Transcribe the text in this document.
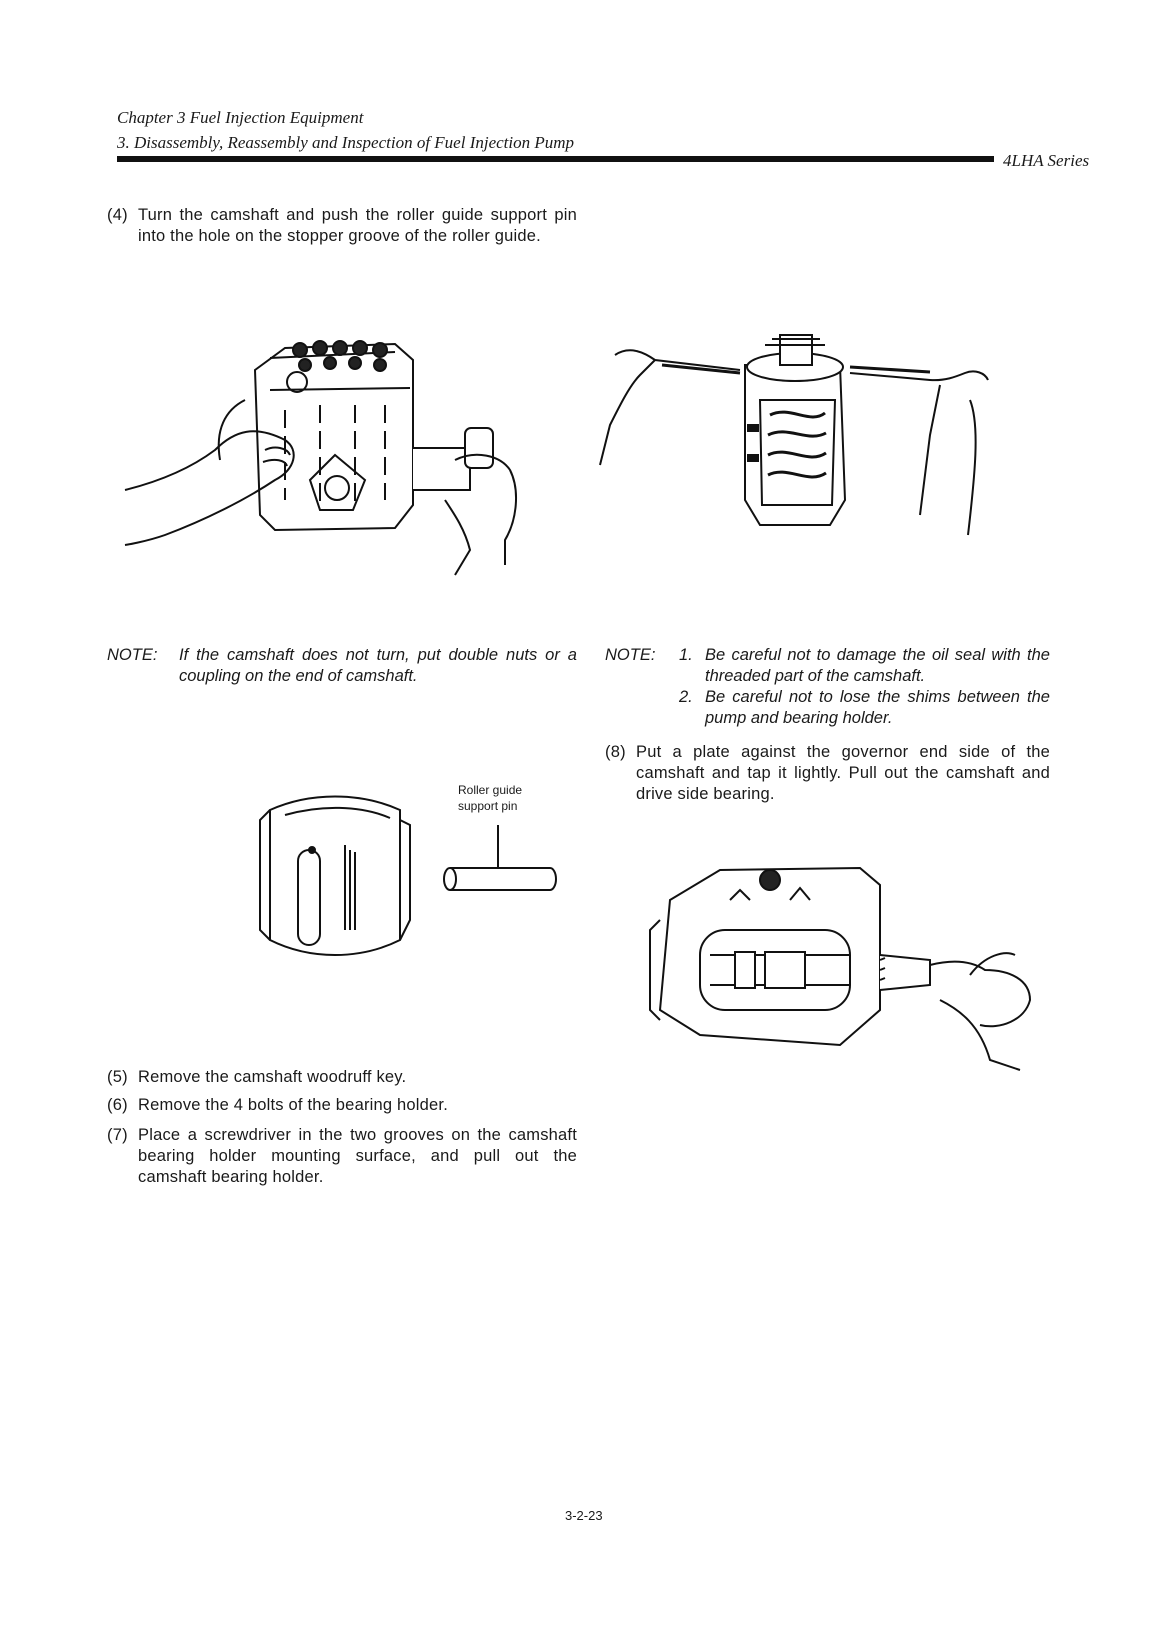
Chapter 3 Fuel Injection Equipment
3. Disassembly, Reassembly and Inspection of Fuel Injection Pump
4LHA Series
(4) Turn the camshaft and push the roller guide support pin into the hole on the stopper groove of the roller guide.
NOTE:	If the camshaft does not turn, put double nuts or a coupling on the end of camshaft.
NOTE: 1. Be careful not to damage the oil seal with the threaded part of the camshaft.
2. Be careful not to lose the shims between the pump and bearing holder.
(8) Put a plate against the governor end side of the camshaft and tap it lightly. Pull out the camshaft and drive side bearing.
Roller guide
support pin
(5) Remove the camshaft woodruff key.
(6) Remove the 4 bolts of the bearing holder.
(7) Place a screwdriver in the two grooves on the camshaft bearing holder mounting surface, and pull out the camshaft bearing holder.
3-2-23
